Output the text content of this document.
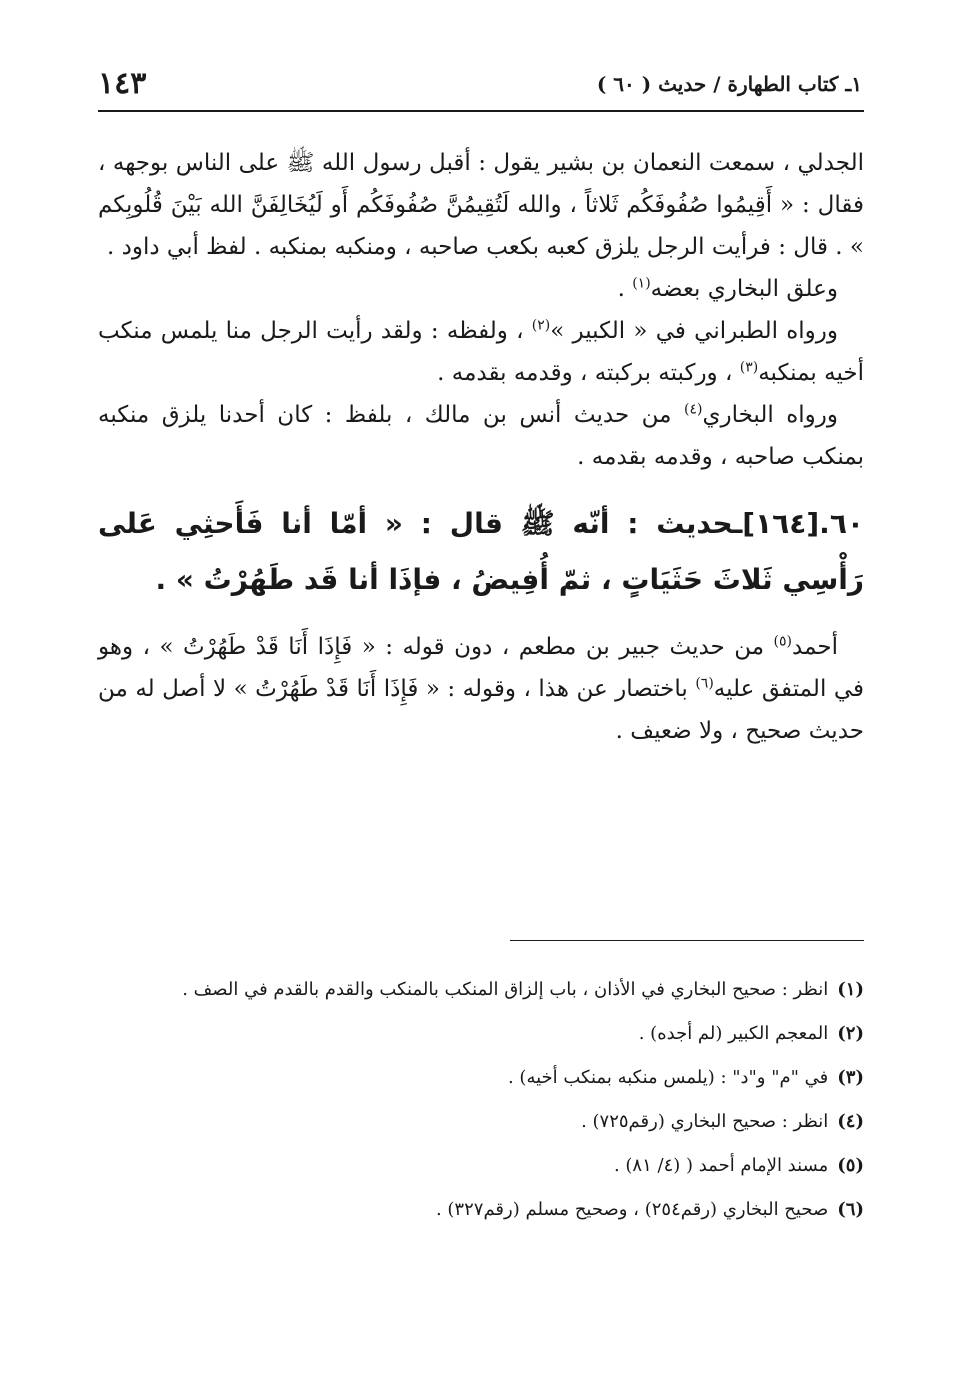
١ـ كتاب الطهارة / حديث ( ٦٠ )
١٤٣

الجدلي ، سمعت النعمان بن بشير يقول : أقبل رسول الله ﷺ على الناس بوجهه ، فقال : « أَقِيمُوا صُفُوفَكُم ثَلاثاً ، والله لَتُقِيمُنَّ صُفُوفَكُم أَو لَيُخَالِفَنَّ الله بَيْنَ قُلُوبِكم » . قال : فرأيت الرجل يلزق كعبه بكعب صاحبه ، ومنكبه بمنكبه . لفظ أبي داود .

وعلق البخاري بعضه$^{(١)}$ .

ورواه الطبراني في « الكبير »$^{(٢)}$ ، ولفظه : ولقد رأيت الرجل منا يلمس منكب أخيه بمنكبه$^{(٣)}$ ، وركبته بركبته ، وقدمه بقدمه .

ورواه البخاري$^{(٤)}$ من حديث أنس بن مالك ، بلفظ : كان أحدنا يلزق منكبه بمنكب صاحبه ، وقدمه بقدمه .

٦٠.[١٦٤]ـحديث : أنّه ﷺ قال : « أمّا أنا فَأَحثِي عَلى رَأْسِي ثَلاثَ حَثَيَاتٍ ، ثمّ أُفِيضُ ، فإذَا أنا قَد طَهُرْتُ » .

أحمد$^{(٥)}$ من حديث جبير بن مطعم ، دون قوله : « فَإِذَا أَنَا قَدْ طَهُرْتُ » ، وهو في المتفق عليه$^{(٦)}$ باختصار عن هذا ، وقوله : « فَإِذَا أَنَا قَدْ طَهُرْتُ » لا أصل له من حديث صحيح ، ولا ضعيف .

(١) انظر : صحيح البخاري في الأذان ، باب إلزاق المنكب بالمنكب والقدم بالقدم في الصف .
(٢) المعجم الكبير (لم أجده) .
(٣) في "م" و"د" : (يلمس منكبه بمنكب أخيه) .
(٤) انظر : صحيح البخاري (رقم٧٢٥) .
(٥) مسند الإمام أحمد ( (٤/ ٨١) .
(٦) صحيح البخاري (رقم٢٥٤) ، وصحيح مسلم (رقم٣٢٧) .
